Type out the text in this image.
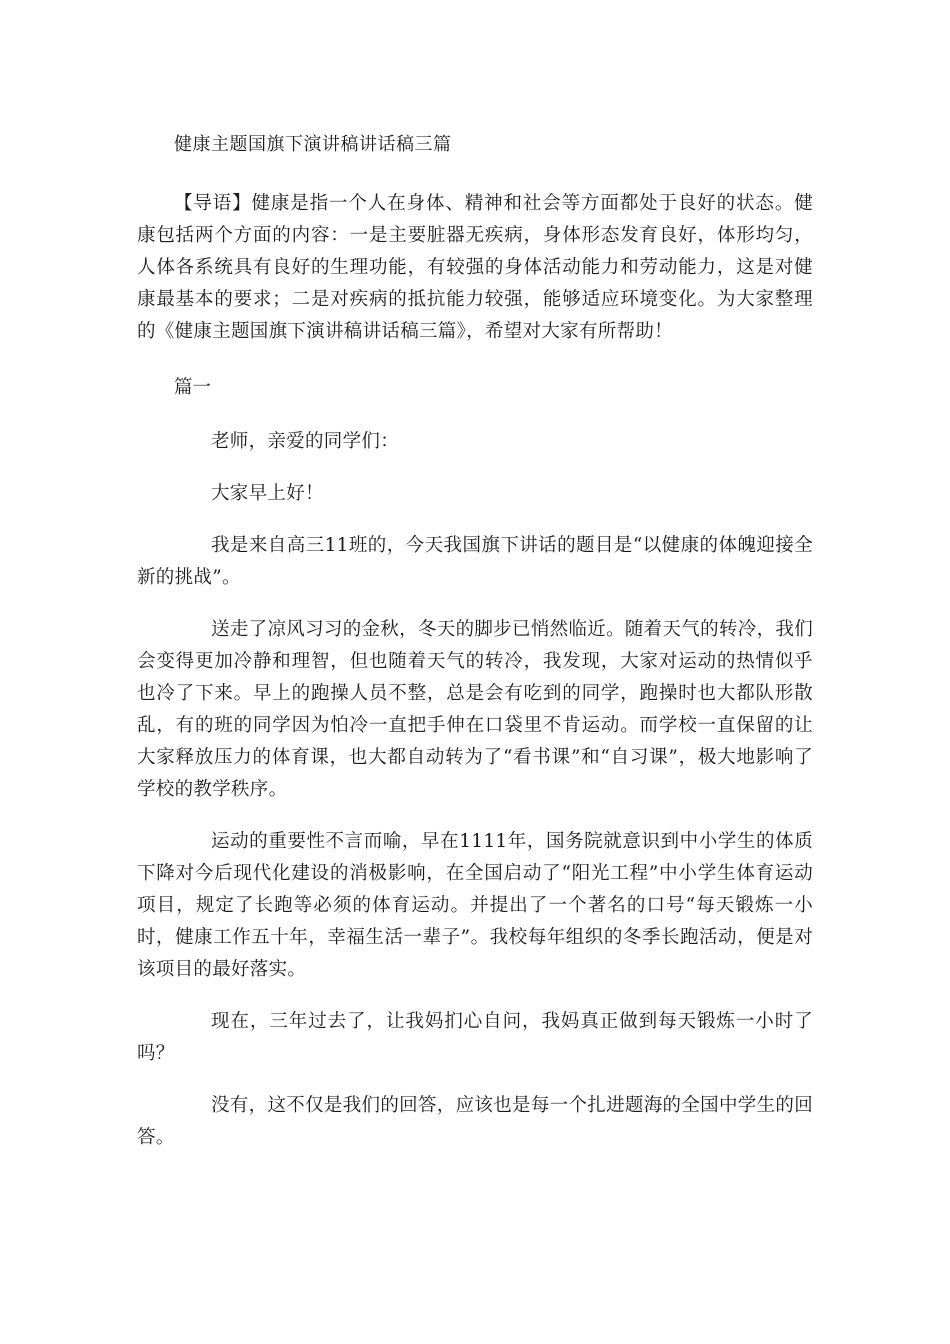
健康主题国旗下演讲稿讲话稿三篇

【导语】健康是指一个人在身体、精神和社会等方面都处于良好的状态。健康包括两个方面的内容：一是主要脏器无疾病，身体形态发育良好，体形均匀，人体各系统具有良好的生理功能，有较强的身体活动能力和劳动能力，这是对健康最基本的要求；二是对疾病的抵抗能力较强，能够适应环境变化。为大家整理的《健康主题国旗下演讲稿讲话稿三篇》，希望对大家有所帮助！

篇一

老师，亲爱的同学们：

大家早上好！

我是来自高三11班的，今天我国旗下讲话的题目是“以健康的体魄迎接全新的挑战”。

送走了凉风习习的金秋，冬天的脚步已悄然临近。随着天气的转冷，我们会变得更加冷静和理智，但也随着天气的转冷，我发现，大家对运动的热情似乎也冷了下来。早上的跑操人员不整，总是会有吃到的同学，跑操时也大都队形散乱，有的班的同学因为怕冷一直把手伸在口袋里不肯运动。而学校一直保留的让大家释放压力的体育课，也大都自动转为了“看书课”和“自习课”，极大地影响了学校的教学秩序。

运动的重要性不言而喻，早在1111年，国务院就意识到中小学生的体质下降对今后现代化建设的消极影响，在全国启动了“阳光工程”中小学生体育运动项目，规定了长跑等必须的体育运动。并提出了一个著名的口号“每天锻炼一小时，健康工作五十年，幸福生活一辈子”。我校每年组织的冬季长跑活动，便是对该项目的最好落实。

现在，三年过去了，让我妈扪心自问，我妈真正做到每天锻炼一小时了吗？

没有，这不仅是我们的回答，应该也是每一个扎进题海的全国中学生的回答。
